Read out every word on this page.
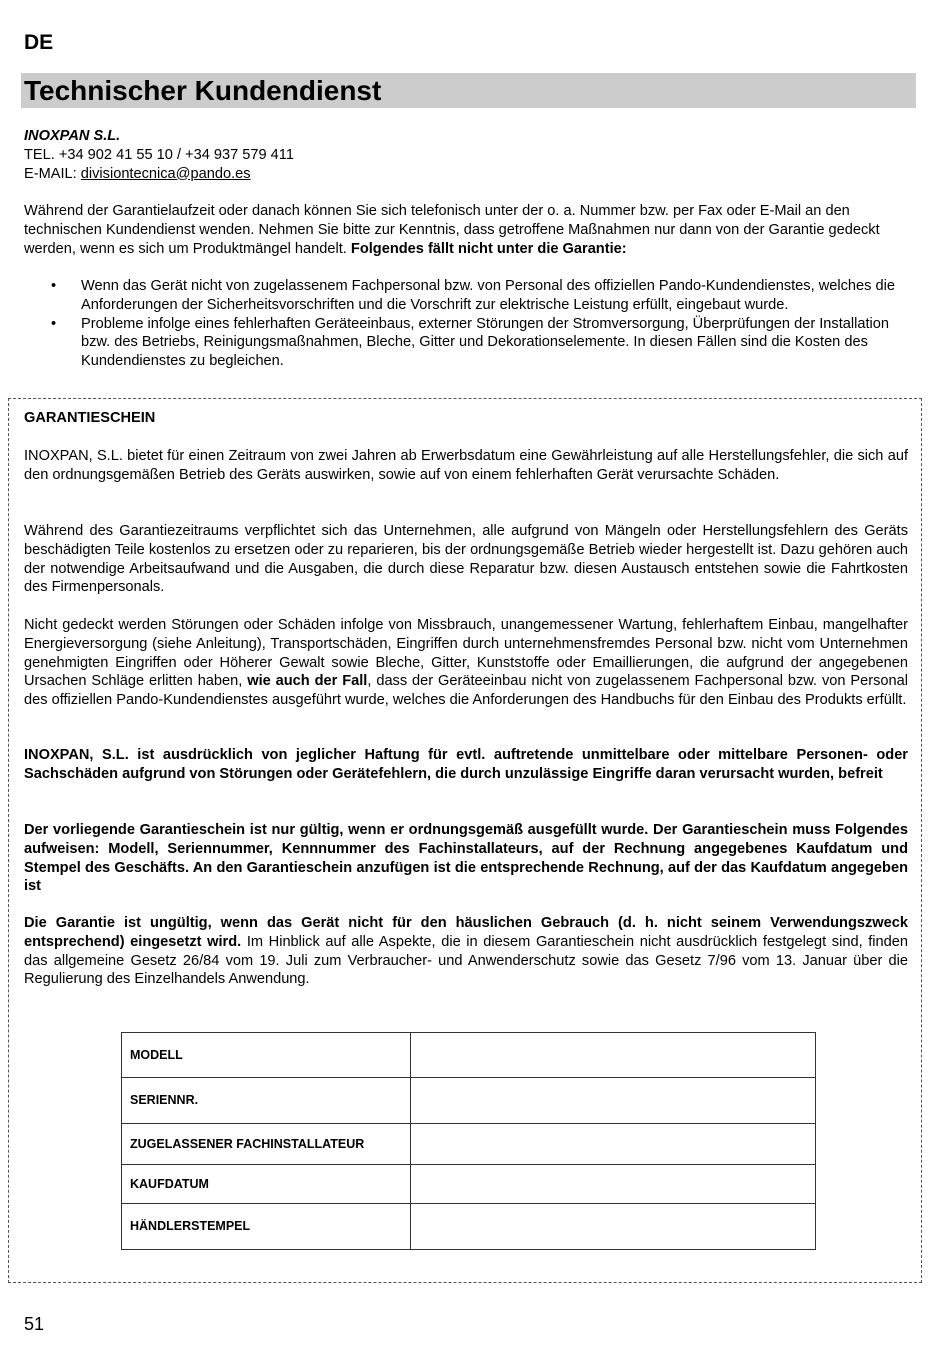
DE
Technischer Kundendienst
INOXPAN S.L.
TEL. +34 902 41 55 10 / +34 937 579 411
E-MAIL: divisiontecnica@pando.es
Während der Garantielaufzeit oder danach können Sie sich telefonisch unter der o. a. Nummer bzw. per Fax oder E-Mail an den technischen Kundendienst wenden. Nehmen Sie bitte zur Kenntnis, dass getroffene Maßnahmen nur dann von der Garantie gedeckt werden, wenn es sich um Produktmängel handelt. Folgendes fällt nicht unter die Garantie:
• Wenn das Gerät nicht von zugelassenem Fachpersonal bzw. von Personal des offiziellen Pando-Kundendienstes, welches die Anforderungen der Sicherheitsvorschriften und die Vorschrift zur elektrische Leistung erfüllt, eingebaut wurde.
• Probleme infolge eines fehlerhaften Geräteeinbaus, externer Störungen der Stromversorgung, Überprüfungen der Installation bzw. des Betriebs, Reinigungsmaßnahmen, Bleche, Gitter und Dekorationselemente. In diesen Fällen sind die Kosten des Kundendienstes zu begleichen.
GARANTIESCHEIN
INOXPAN, S.L. bietet für einen Zeitraum von zwei Jahren ab Erwerbsdatum eine Gewährleistung auf alle Herstellungsfehler, die sich auf den ordnungsgemäßen Betrieb des Geräts auswirken, sowie auf von einem fehlerhaften Gerät verursachte Schäden.
Während des Garantiezeitraums verpflichtet sich das Unternehmen, alle aufgrund von Mängeln oder Herstellungsfehlern des Geräts beschädigten Teile kostenlos zu ersetzen oder zu reparieren, bis der ordnungsgemäße Betrieb wieder hergestellt ist. Dazu gehören auch der notwendige Arbeitsaufwand und die Ausgaben, die durch diese Reparatur bzw. diesen Austausch entstehen sowie die Fahrtkosten des Firmenpersonals.
Nicht gedeckt werden Störungen oder Schäden infolge von Missbrauch, unangemessener Wartung, fehlerhaftem Einbau, mangelhafter Energieversorgung (siehe Anleitung), Transportschäden, Eingriffen durch unternehmensfremdes Personal bzw. nicht vom Unternehmen genehmigten Eingriffen oder Höherer Gewalt sowie Bleche, Gitter, Kunststoffe oder Emaillierungen, die aufgrund der angegebenen Ursachen Schläge erlitten haben, wie auch der Fall, dass der Geräteeinbau nicht von zugelassenem Fachpersonal bzw. von Personal des offiziellen Pando-Kundendienstes ausgeführt wurde, welches die Anforderungen des Handbuchs für den Einbau des Produkts erfüllt.
INOXPAN, S.L. ist ausdrücklich von jeglicher Haftung für evtl. auftretende unmittelbare oder mittelbare Personen- oder Sachschäden aufgrund von Störungen oder Gerätefehlern, die durch unzulässige Eingriffe daran verursacht wurden, befreit
Der vorliegende Garantieschein ist nur gültig, wenn er ordnungsgemäß ausgefüllt wurde. Der Garantieschein muss Folgendes aufweisen: Modell, Seriennummer, Kennnummer des Fachinstallateurs, auf der Rechnung angegebenes Kaufdatum und Stempel des Geschäfts. An den Garantieschein anzufügen ist die entsprechende Rechnung, auf der das Kaufdatum angegeben ist
Die Garantie ist ungültig, wenn das Gerät nicht für den häuslichen Gebrauch (d. h. nicht seinem Verwendungszweck entsprechend) eingesetzt wird. Im Hinblick auf alle Aspekte, die in diesem Garantieschein nicht ausdrücklich festgelegt sind, finden das allgemeine Gesetz 26/84 vom 19. Juli zum Verbraucher- und Anwenderschutz sowie das Gesetz 7/96 vom 13. Januar über die Regulierung des Einzelhandels Anwendung.
MODELL	
SERIENNR.	
ZUGELASSENER FACHINSTALLATEUR	
KAUFDATUM	
HÄNDLERSTEMPEL	
51
